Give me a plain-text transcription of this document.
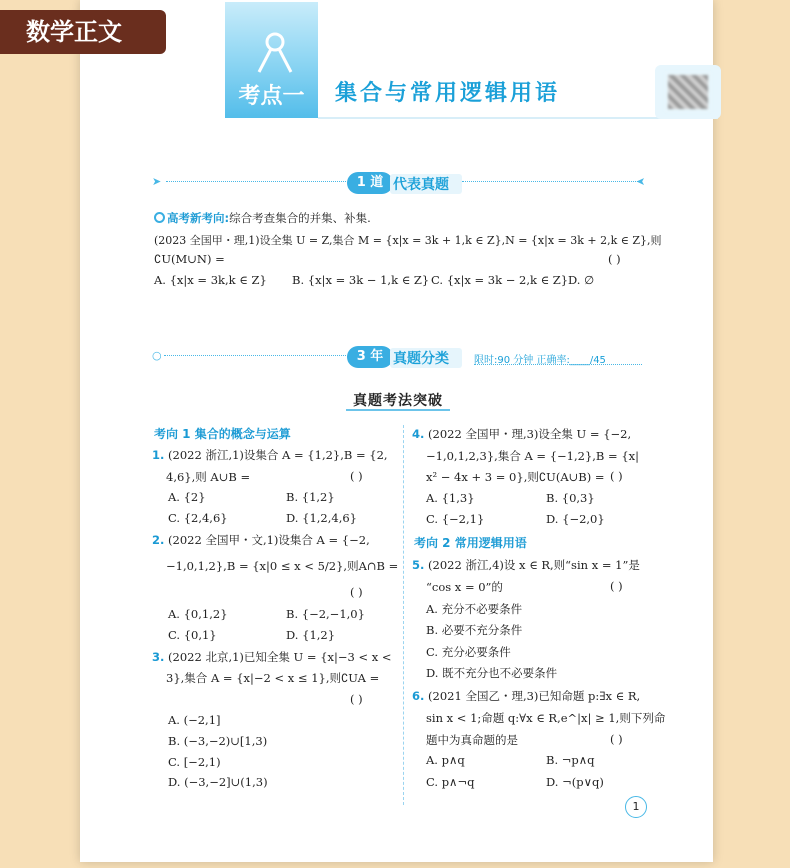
数学正文
考点一	集合与常用逻辑用语
➤	1 道 代表真题	➤
高考新考向:综合考查集合的并集、补集.
(2023 全国甲・理,1)设全集 U = Z,集合 M = {x|x = 3k + 1,k ∈ Z},N = {x|x = 3k + 2,k ∈ Z},则
∁U(M∪N) =	( )
A. {x|x = 3k,k ∈ Z} B. {x|x = 3k − 1,k ∈ Z} C. {x|x = 3k − 2,k ∈ Z} D. ∅
○	3 年 真题分类	限时:90 分钟 正确率:____/45
真题考法突破
考向 1 集合的概念与运算
1. (2022 浙江,1)设集合 A = {1,2},B = {2,
4,6},则 A∪B =	( )
A. {2}	B. {1,2}
C. {2,4,6}	D. {1,2,4,6}
2. (2022 全国甲・文,1)设集合 A = {−2,
−1,0,1,2},B = {x|0 ≤ x < 5/2},则A∩B =
( )
A. {0,1,2}	B. {−2,−1,0}
C. {0,1}	D. {1,2}
3. (2022 北京,1)已知全集 U = {x|−3 < x <
3},集合 A = {x|−2 < x ≤ 1},则∁UA =
( )
A. (−2,1]
B. (−3,−2)∪[1,3)
C. [−2,1)
D. (−3,−2]∪(1,3)
4. (2022 全国甲・理,3)设全集 U = {−2,
−1,0,1,2,3},集合 A = {−1,2},B = {x|
x² − 4x + 3 = 0},则∁U(A∪B) = ( )
A. {1,3}	B. {0,3}
C. {−2,1}	D. {−2,0}
考向 2 常用逻辑用语
5. (2022 浙江,4)设 x ∈ R,则“sin x = 1”是
“cos x = 0”的	( )
A. 充分不必要条件
B. 必要不充分条件
C. 充分必要条件
D. 既不充分也不必要条件
6. (2021 全国乙・理,3)已知命题 p:∃x ∈ R,
sin x < 1;命题 q:∀x ∈ R,e^|x| ≥ 1,则下列命
题中为真命题的是	( )
A. p∧q	B. ¬p∧q
C. p∧¬q	D. ¬(p∨q)
1
